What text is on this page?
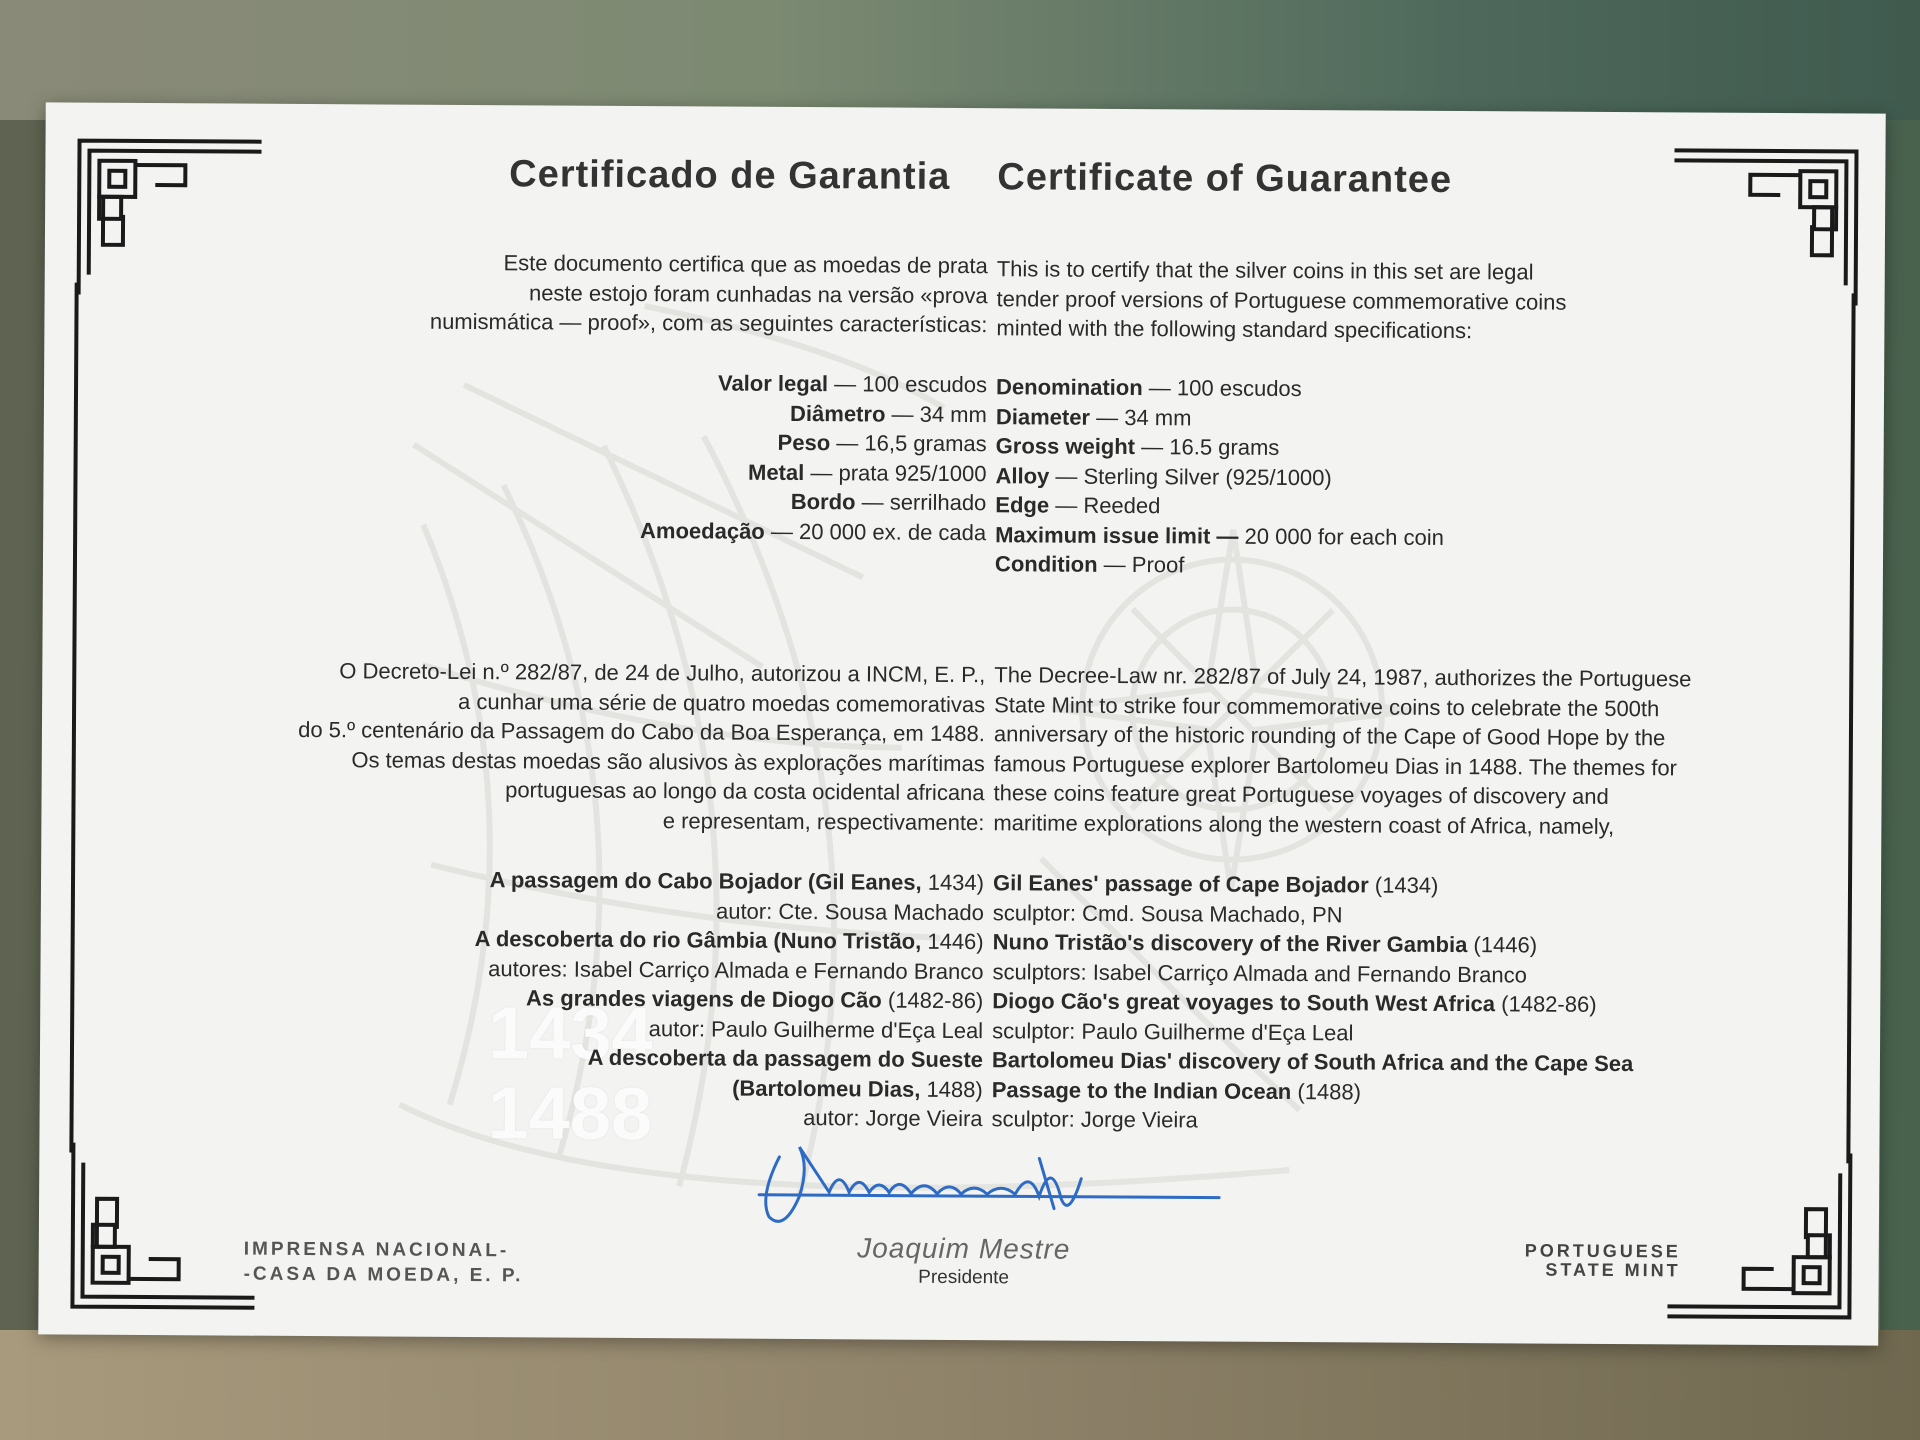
1434
1488
Certificado de Garantia Certificate of Guarantee

Este documento certifica que as moedas de prata

neste estojo foram cunhadas na versão «prova

numismática — proof», com as seguintes características:

Valor legal — 100 escudos

Diâmetro — 34 mm

Peso — 16,5 gramas

Metal — prata 925/1000

Bordo — serrilhado

Amoedação — 20 000 ex. de cada

O Decreto-Lei n.º 282/87, de 24 de Julho, autorizou a INCM, E. P.,

a cunhar uma série de quatro moedas comemorativas

do 5.º centenário da Passagem do Cabo da Boa Esperança, em 1488.

Os temas destas moedas são alusivos às explorações marítimas

portuguesas ao longo da costa ocidental africana

e representam, respectivamente:

A passagem do Cabo Bojador (Gil Eanes, 1434)

autor: Cte. Sousa Machado

A descoberta do rio Gâmbia (Nuno Tristão, 1446)

autores: Isabel Carriço Almada e Fernando Branco

As grandes viagens de Diogo Cão (1482-86)

autor: Paulo Guilherme d'Eça Leal

A descoberta da passagem do Sueste

(Bartolomeu Dias, 1488)

autor: Jorge Vieira

This is to certify that the silver coins in this set are legal

tender proof versions of Portuguese commemorative coins

minted with the following standard specifications:

Denomination — 100 escudos

Diameter — 34 mm

Gross weight — 16.5 grams

Alloy — Sterling Silver (925/1000)

Edge — Reeded

Maximum issue limit — 20 000 for each coin

Condition — Proof

The Decree-Law nr. 282/87 of July 24, 1987, authorizes the Portuguese

State Mint to strike four commemorative coins to celebrate the 500th

anniversary of the historic rounding of the Cape of Good Hope by the

famous Portuguese explorer Bartolomeu Dias in 1488. The themes for

these coins feature great Portuguese voyages of discovery and

maritime explorations along the western coast of Africa, namely,

Gil Eanes' passage of Cape Bojador (1434)

sculptor: Cmd. Sousa Machado, PN

Nuno Tristão's discovery of the River Gambia (1446)

sculptors: Isabel Carriço Almada and Fernando Branco

Diogo Cão's great voyages to South West Africa (1482-86)

sculptor: Paulo Guilherme d'Eça Leal

Bartolomeu Dias' discovery of South Africa and the Cape Sea

Passage to the Indian Ocean (1488)

sculptor: Jorge Vieira

Joaquim Mestre
Presidente
IMPRENSA NACIONAL-
-CASA DA MOEDA, E. P.
PORTUGUESE
STATE MINT
